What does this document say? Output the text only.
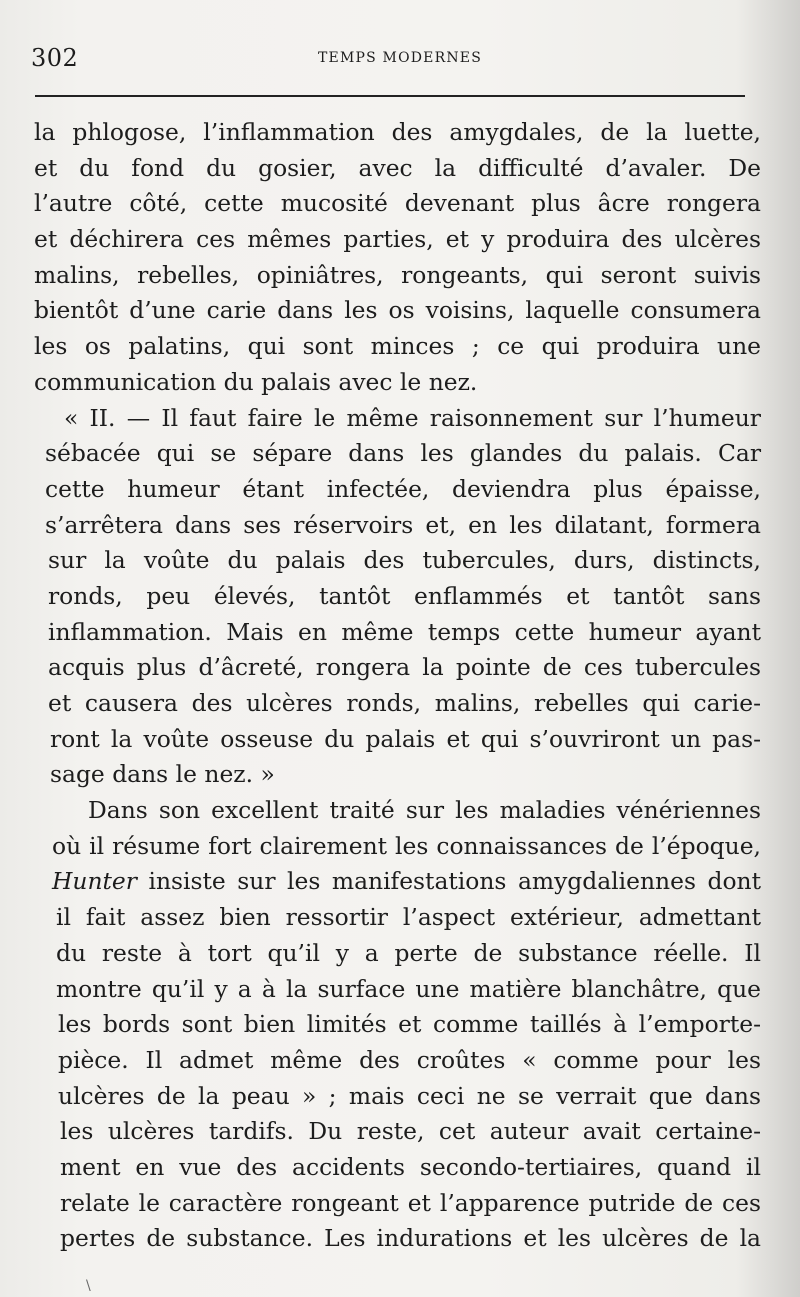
302	TEMPS MODERNES
la phlogose, l’inflammation des amygdales, de la luette,
et du fond du gosier, avec la difficulté d’avaler. De
l’autre côté, cette mucosité devenant plus âcre rongera
et déchirera ces mêmes parties, et y produira des ulcères
malins, rebelles, opiniâtres, rongeants, qui seront suivis
bientôt d’une carie dans les os voisins, laquelle consumera
les os palatins, qui sont minces ; ce qui produira une
communication du palais avec le nez.
« II. — Il faut faire le même raisonnement sur l’humeur
sébacée qui se sépare dans les glandes du palais. Car
cette humeur étant infectée, deviendra plus épaisse,
s’arrêtera dans ses réservoirs et, en les dilatant, formera
sur la voûte du palais des tubercules, durs, distincts,
ronds, peu élevés, tantôt enflammés et tantôt sans
inflammation. Mais en même temps cette humeur ayant
acquis plus d’âcreté, rongera la pointe de ces tubercules
et causera des ulcères ronds, malins, rebelles qui carie-
ront la voûte osseuse du palais et qui s’ouvriront un pas-
sage dans le nez. »
Dans son excellent traité sur les maladies vénériennes
où il résume fort clairement les connaissances de l’époque,
Hunter insiste sur les manifestations amygdaliennes dont
il fait assez bien ressortir l’aspect extérieur, admettant
du reste à tort qu’il y a perte de substance réelle. Il
montre qu’il y a à la surface une matière blanchâtre, que
les bords sont bien limités et comme taillés à l’emporte-
pièce. Il admet même des croûtes « comme pour les
ulcères de la peau » ; mais ceci ne se verrait que dans
les ulcères tardifs. Du reste, cet auteur avait certaine-
ment en vue des accidents secondo-tertiaires, quand il
relate le caractère rongeant et l’apparence putride de ces
pertes de substance. Les indurations et les ulcères de la
\
